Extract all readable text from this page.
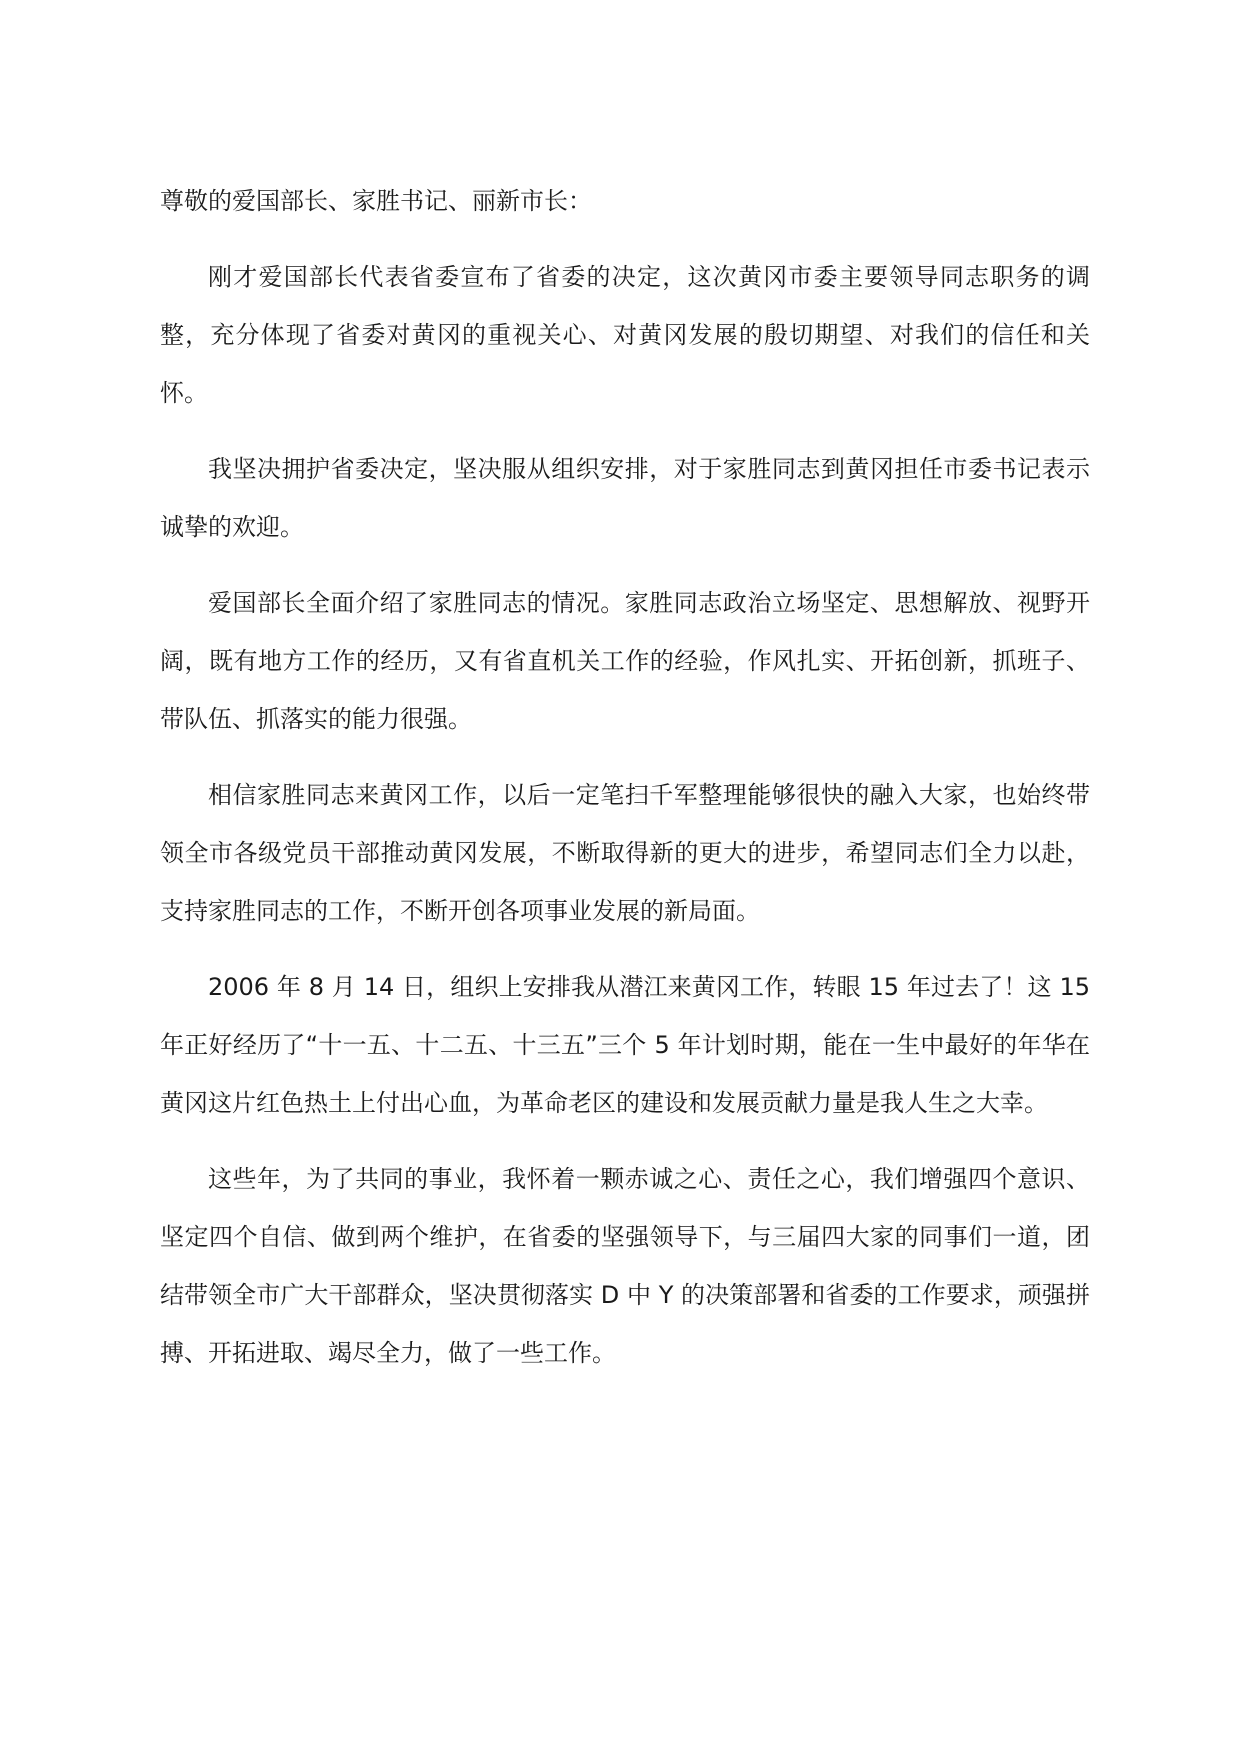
尊敬的爱国部长、家胜书记、丽新市长：

刚才爱国部长代表省委宣布了省委的决定，这次黄冈市委主要领导同志职务的调整，充分体现了省委对黄冈的重视关心、对黄冈发展的殷切期望、对我们的信任和关怀。

我坚决拥护省委决定，坚决服从组织安排，对于家胜同志到黄冈担任市委书记表示诚挚的欢迎。

爱国部长全面介绍了家胜同志的情况。家胜同志政治立场坚定、思想解放、视野开阔，既有地方工作的经历，又有省直机关工作的经验，作风扎实、开拓创新，抓班子、带队伍、抓落实的能力很强。

相信家胜同志来黄冈工作，以后一定笔扫千军整理能够很快的融入大家，也始终带领全市各级党员干部推动黄冈发展，不断取得新的更大的进步，希望同志们全力以赴，支持家胜同志的工作，不断开创各项事业发展的新局面。

2006 年 8 月 14 日，组织上安排我从潜江来黄冈工作，转眼 15 年过去了！这 15 年正好经历了“十一五、十二五、十三五”三个 5 年计划时期，能在一生中最好的年华在黄冈这片红色热土上付出心血，为革命老区的建设和发展贡献力量是我人生之大幸。

这些年，为了共同的事业，我怀着一颗赤诚之心、责任之心，我们增强四个意识、坚定四个自信、做到两个维护，在省委的坚强领导下，与三届四大家的同事们一道，团结带领全市广大干部群众，坚决贯彻落实 D 中 Y 的决策部署和省委的工作要求，顽强拼搏、开拓进取、竭尽全力，做了一些工作。
